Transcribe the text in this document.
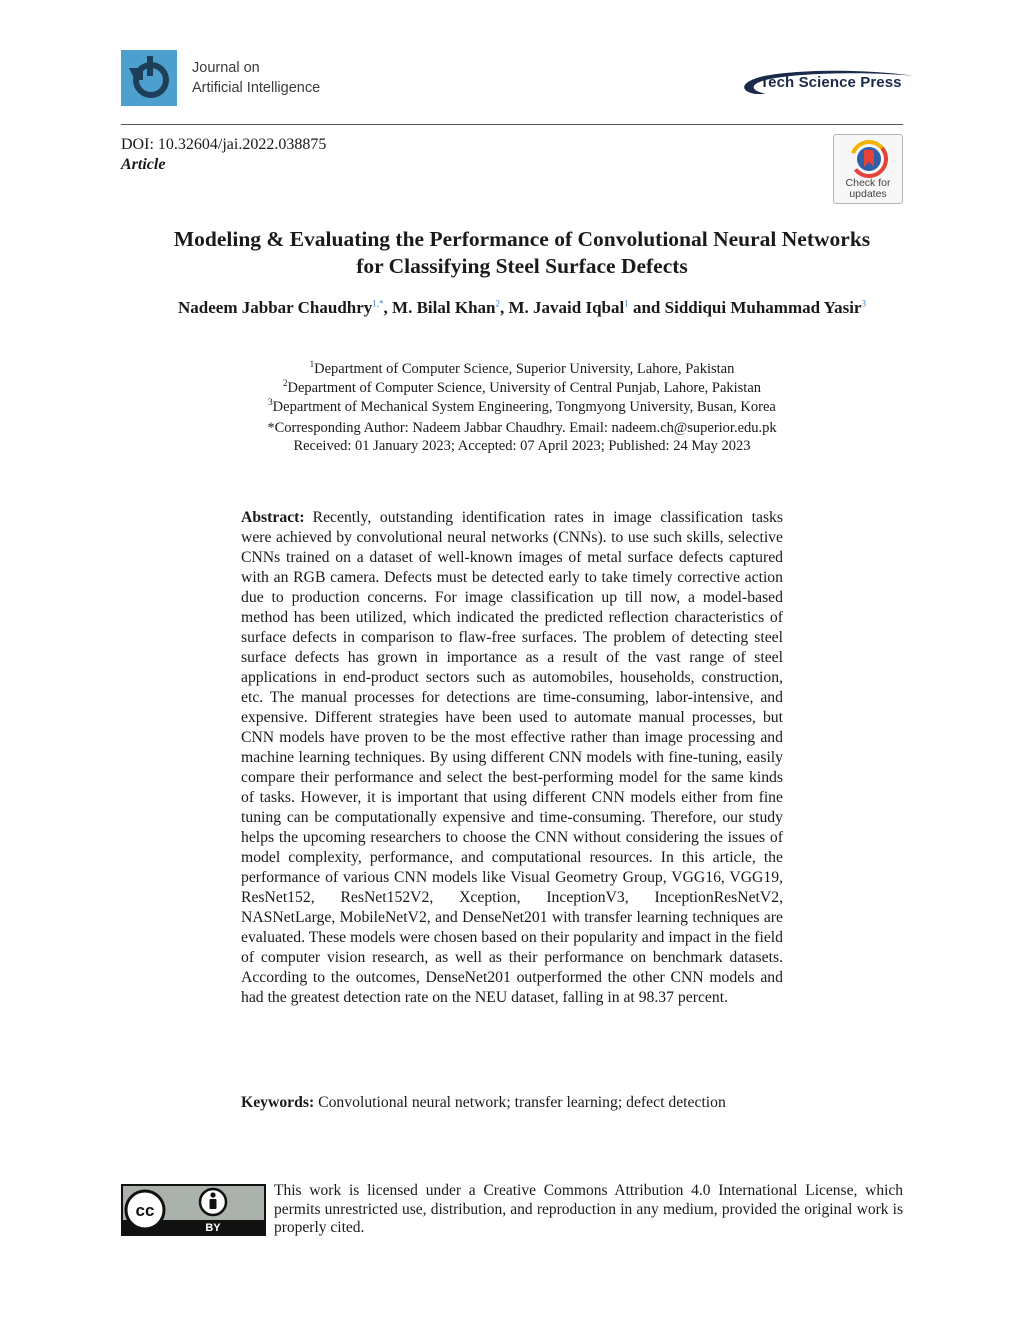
Journal on
Artificial Intelligence	Tech Science Press
DOI: 10.32604/jai.2022.038875
Article
Check for
updates
Modeling & Evaluating the Performance of Convolutional Neural Networks
for Classifying Steel Surface Defects
Nadeem Jabbar Chaudhry$^{1,*}$, M. Bilal Khan$^2$, M. Javaid Iqbal$^1$ and Siddiqui Muhammad Yasir$^3$
$^1$Department of Computer Science, Superior University, Lahore, Pakistan
$^2$Department of Computer Science, University of Central Punjab, Lahore, Pakistan
$^3$Department of Mechanical System Engineering, Tongmyong University, Busan, Korea
*Corresponding Author: Nadeem Jabbar Chaudhry. Email: nadeem.ch@superior.edu.pk
Received: 01 January 2023; Accepted: 07 April 2023; Published: 24 May 2023
Abstract: Recently, outstanding identification rates in image classification tasks were achieved by convolutional neural networks (CNNs). to use such skills, selective CNNs trained on a dataset of well-known images of metal surface defects captured with an RGB camera. Defects must be detected early to take timely corrective action due to production concerns. For image classification up till now, a model-based method has been utilized, which indicated the predicted reflection characteristics of surface defects in comparison to flaw-free surfaces. The problem of detecting steel surface defects has grown in importance as a result of the vast range of steel applications in end-product sectors such as automobiles, households, construction, etc. The manual processes for detections are time-consuming, labor-intensive, and expensive. Different strategies have been used to automate manual processes, but CNN models have proven to be the most effective rather than image processing and machine learning techniques. By using different CNN models with fine-tuning, easily compare their performance and select the best-performing model for the same kinds of tasks. However, it is important that using different CNN models either from fine tuning can be computationally expensive and time-consuming. Therefore, our study helps the upcoming researchers to choose the CNN without considering the issues of model complexity, performance, and computational resources. In this article, the performance of various CNN models like Visual Geometry Group, VGG16, VGG19, ResNet152, ResNet152V2, Xception, InceptionV3, InceptionResNetV2, NASNetLarge, MobileNetV2, and DenseNet201 with transfer learning techniques are evaluated. These models were chosen based on their popularity and impact in the field of computer vision research, as well as their performance on benchmark datasets. According to the outcomes, DenseNet201 outperformed the other CNN models and had the greatest detection rate on the NEU dataset, falling in at 98.37 percent.
Keywords: Convolutional neural network; transfer learning; defect detection
cc
BY
This work is licensed under a Creative Commons Attribution 4.0 International License, which permits unrestricted use, distribution, and reproduction in any medium, provided the original work is properly cited.
